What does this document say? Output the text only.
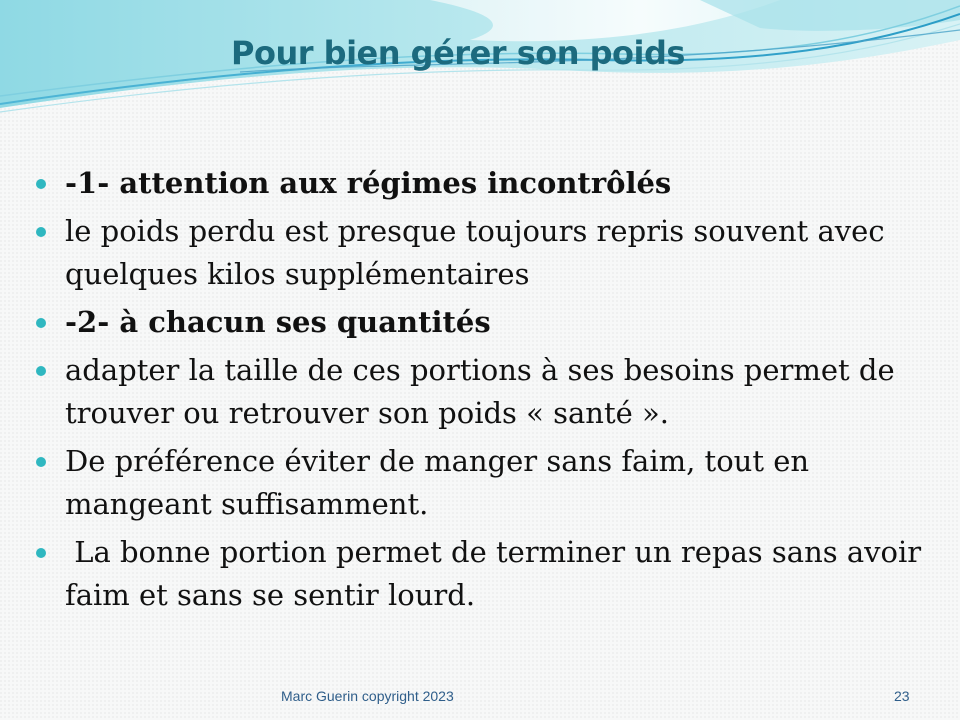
Pour bien gérer son poids
-1- attention aux régimes incontrôlés
le poids perdu est presque toujours repris souvent avec quelques kilos supplémentaires
-2- à chacun ses quantités
adapter la taille de ces portions à ses besoins permet de trouver ou retrouver son poids « santé ».
De préférence éviter de manger sans faim, tout en mangeant suffisamment.
La bonne portion permet de terminer un repas sans avoir faim et sans se sentir lourd.
Marc Guerin copyright 2023	23
